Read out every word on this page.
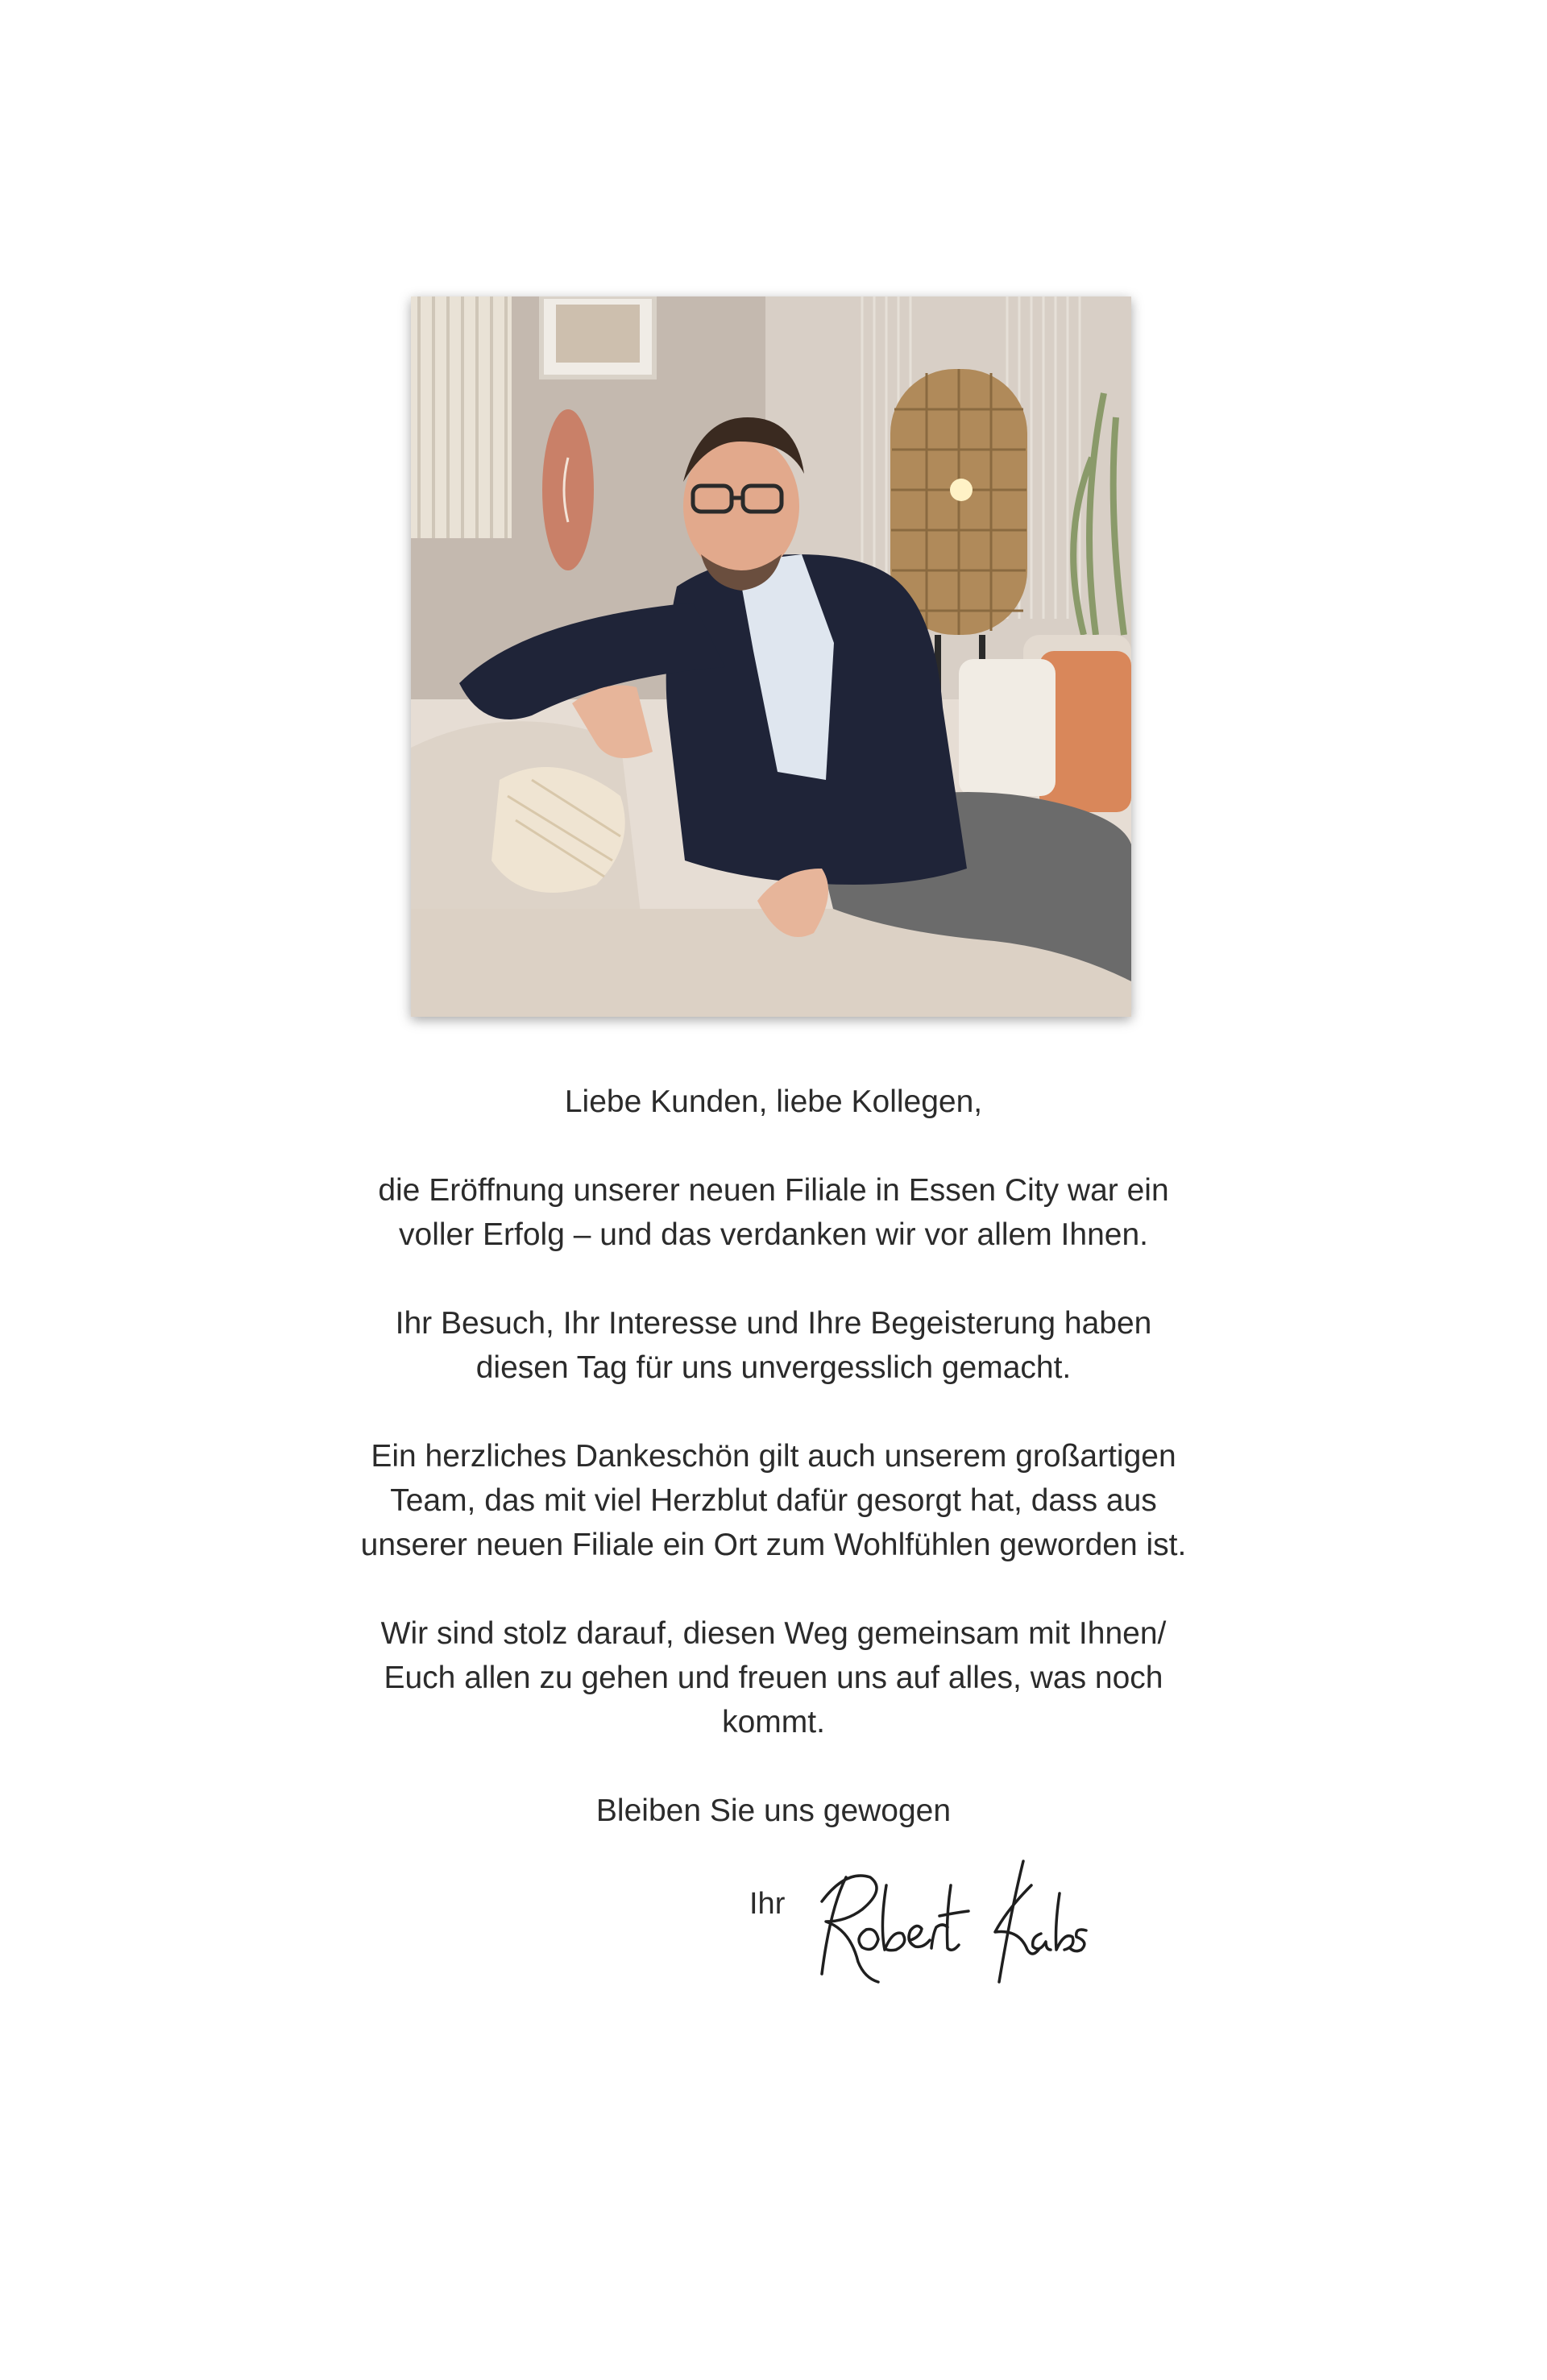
Liebe Kunden, liebe Kollegen,

die Eröffnung unserer neuen Filiale in Essen City war ein
voller Erfolg – und das verdanken wir vor allem Ihnen.

Ihr Besuch, Ihr Interesse und Ihre Begeisterung haben
diesen Tag für uns unvergesslich gemacht.

Ein herzliches Dankeschön gilt auch unserem großartigen
Team, das mit viel Herzblut dafür gesorgt hat, dass aus
unserer neuen Filiale ein Ort zum Wohlfühlen geworden ist.

Wir sind stolz darauf, diesen Weg gemeinsam mit Ihnen/
Euch allen zu gehen und freuen uns auf alles, was noch
kommt.

Bleiben Sie uns gewogen

Ihr
